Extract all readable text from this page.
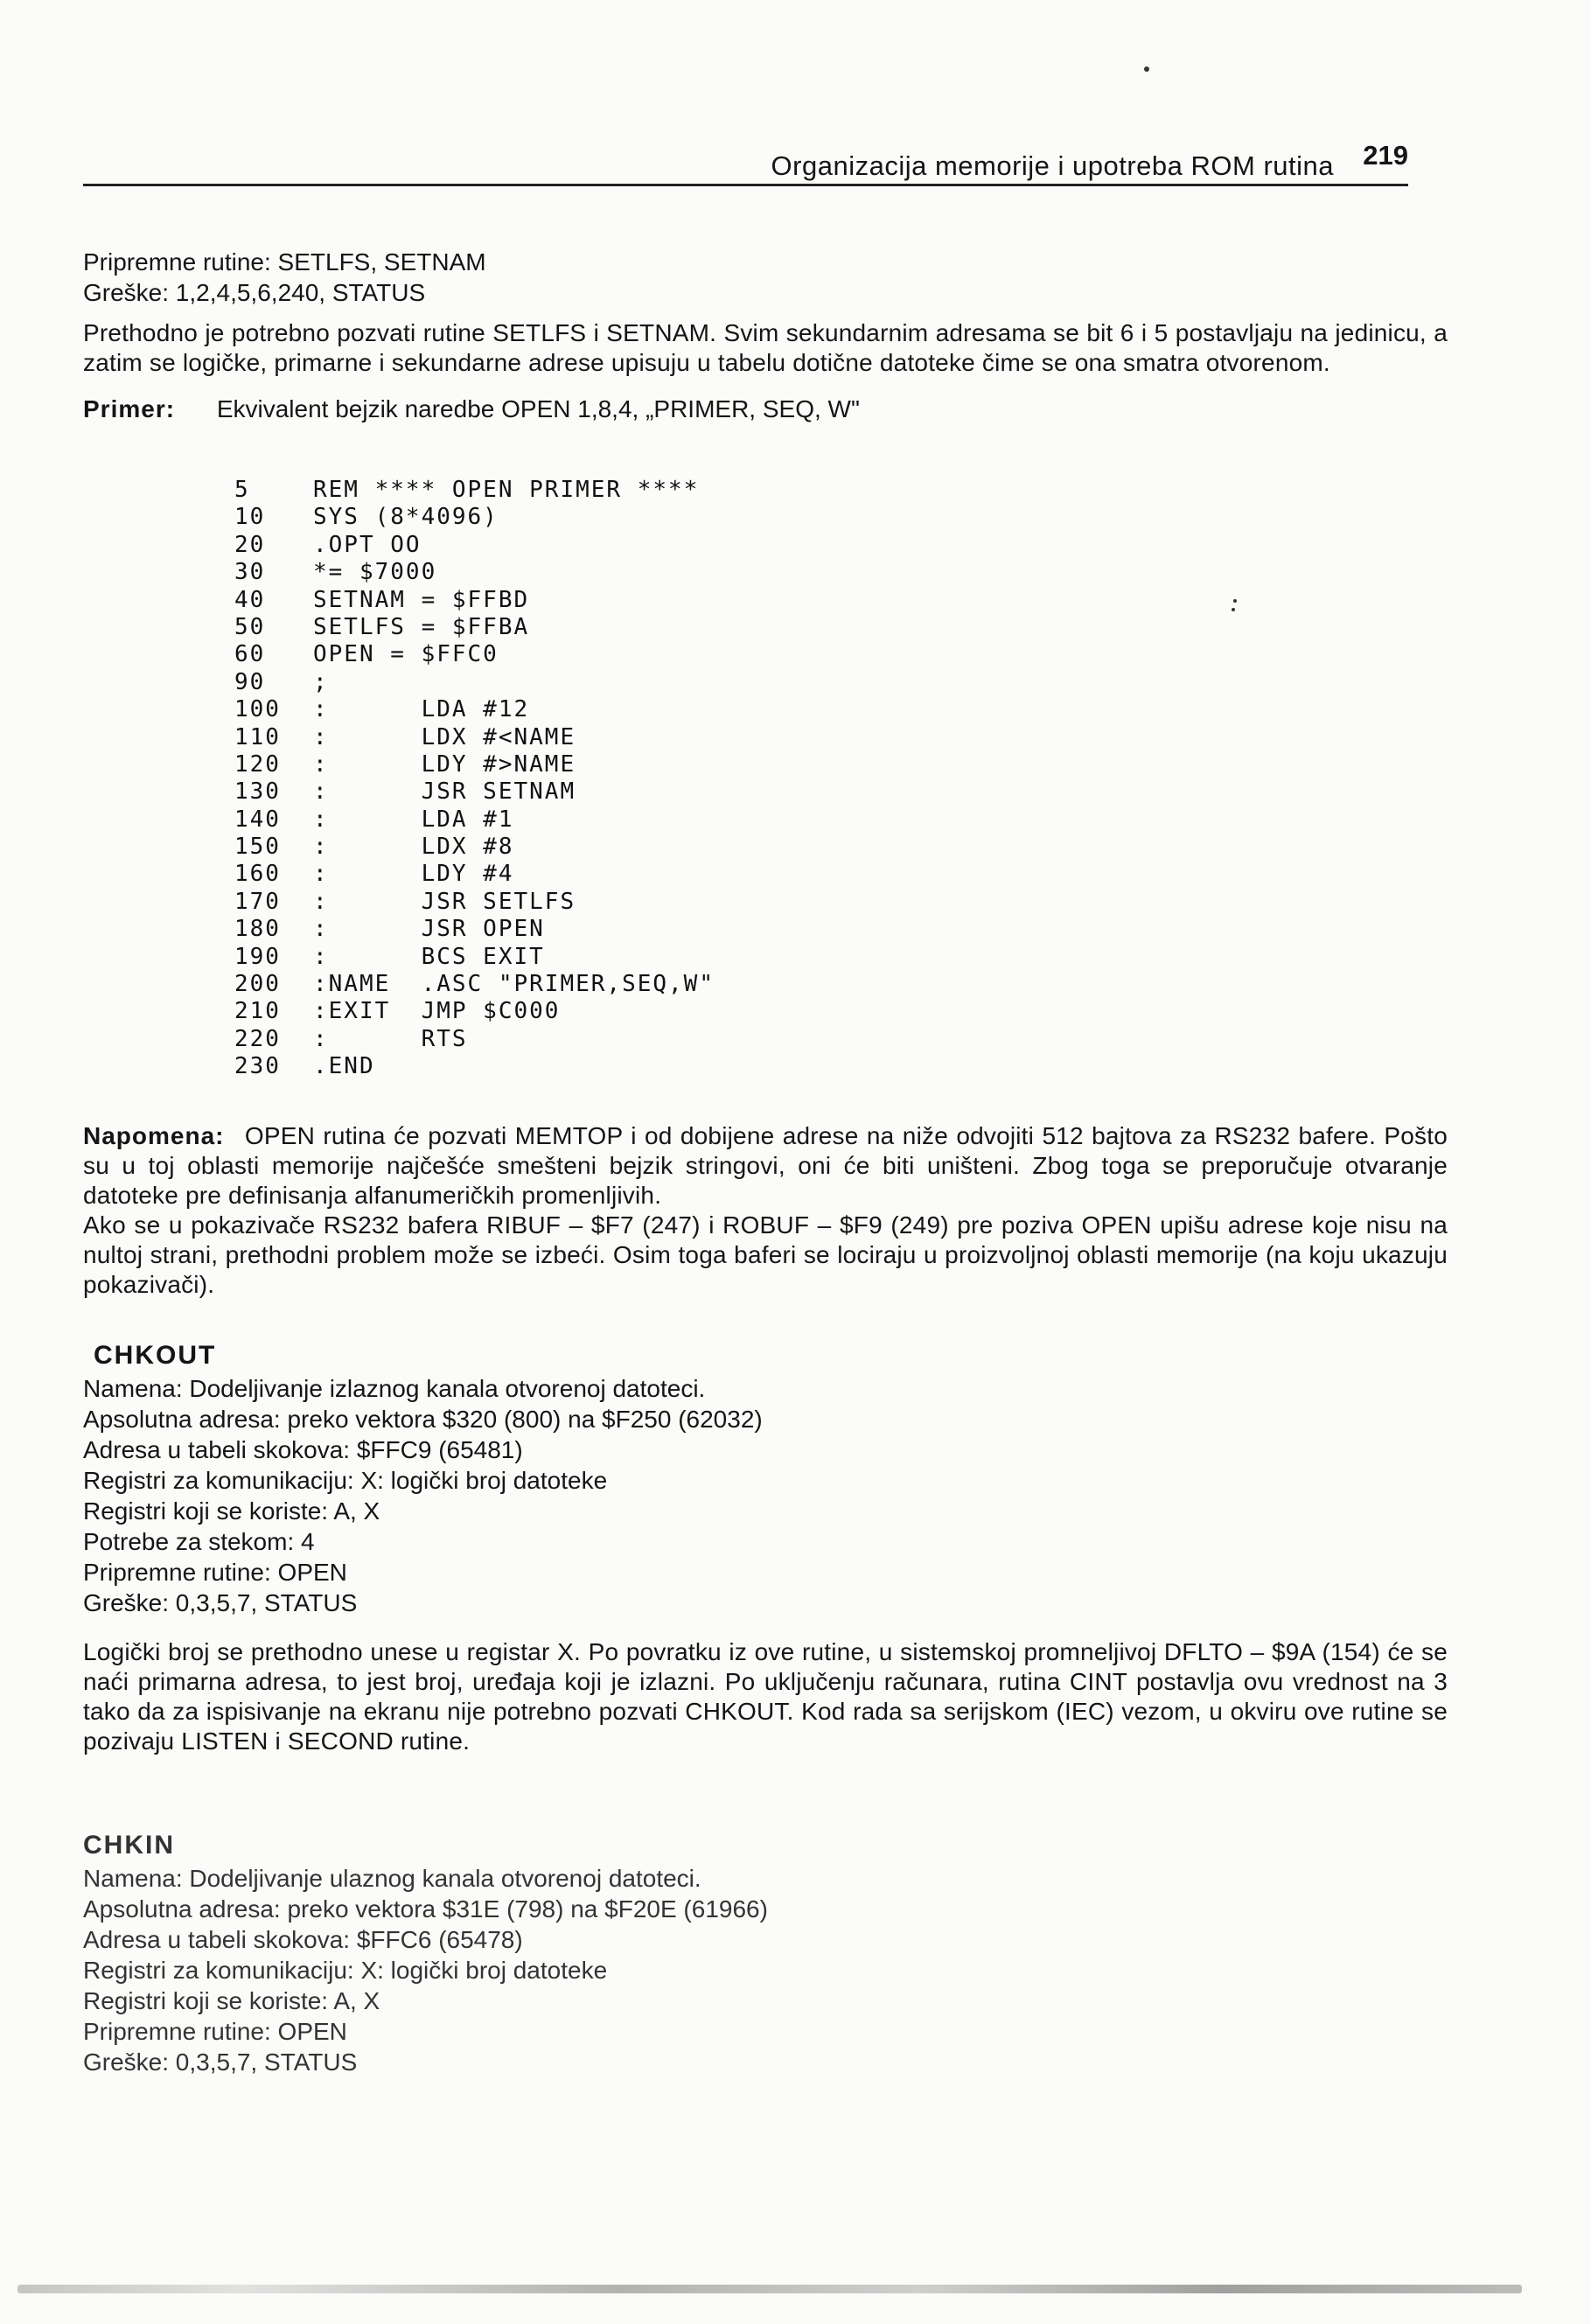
Organizacija memorije i upotreba ROM rutina 219
Pripremne rutine: SETLFS, SETNAM
Greške: 1,2,4,5,6,240, STATUS
Prethodno je potrebno pozvati rutine SETLFS i SETNAM. Svim sekundarnim adresama se bit 6 i 5 postavljaju na jedinicu, a zatim se logičke, primarne i sekundarne adrese upisuju u tabelu dotične datoteke čime se ona smatra otvorenom.
Primer: Ekvivalent bejzik naredbe OPEN 1,8,4, „PRIMER, SEQ, W"
5	REM **** OPEN PRIMER ****
10 SYS (8*4096)
20 .OPT OO
30 *= $7000
40 SETNAM = $FFBD
50 SETLFS = $FFBA
60 OPEN = $FFC0
90 ;
100 :      LDA #12
110 :      LDX #<NAME
120 :      LDY #>NAME
130 :      JSR SETNAM
140 :      LDA #1
150 :      LDX #8
160 :      LDY #4
170 :      JSR SETLFS
180 :      JSR OPEN
190 :      BCS EXIT
200 :NAME  .ASC "PRIMER,SEQ,W"
210 :EXIT  JMP $C000
220 :      RTS
230 .END
Napomena: OPEN rutina će pozvati MEMTOP i od dobijene adrese na niže odvojiti 512 bajtova za RS232 bafere. Pošto su u toj oblasti memorije najčešće smešteni bejzik stringovi, oni će biti uništeni. Zbog toga se preporučuje otvaranje datoteke pre definisanja alfanumeričkih promenljivih.
Ako se u pokazivače RS232 bafera RIBUF – $F7 (247) i ROBUF – $F9 (249) pre poziva OPEN upišu adrese koje nisu na nultoj strani, prethodni problem može se izbeći. Osim toga baferi se lociraju u proizvoljnoj oblasti memorije (na koju ukazuju pokazivači).
CHKOUT
Namena: Dodeljivanje izlaznog kanala otvorenoj datoteci.
Apsolutna adresa: preko vektora $320 (800) na $F250 (62032)
Adresa u tabeli skokova: $FFC9 (65481)
Registri za komunikaciju: X: logički broj datoteke
Registri koji se koriste: A, X
Potrebe za stekom: 4
Pripremne rutine: OPEN
Greške: 0,3,5,7, STATUS
Logički broj se prethodno unese u registar X. Po povratku iz ove rutine, u sistemskoj promneljivoj DFLTO – $9A (154) će se naći primarna adresa, to jest broj, uređaja koji je izlazni. Po uključenju računara, rutina CINT postavlja ovu vrednost na 3 tako da za ispisivanje na ekranu nije potrebno pozvati CHKOUT. Kod rada sa serijskom (IEC) vezom, u okviru ove rutine se pozivaju LISTEN i SECOND rutine.
CHKIN
Namena: Dodeljivanje ulaznog kanala otvorenoj datoteci.
Apsolutna adresa: preko vektora $31E (798) na $F20E (61966)
Adresa u tabeli skokova: $FFC6 (65478)
Registri za komunikaciju: X: logički broj datoteke
Registri koji se koriste: A, X
Pripremne rutine: OPEN
Greške: 0,3,5,7, STATUS
